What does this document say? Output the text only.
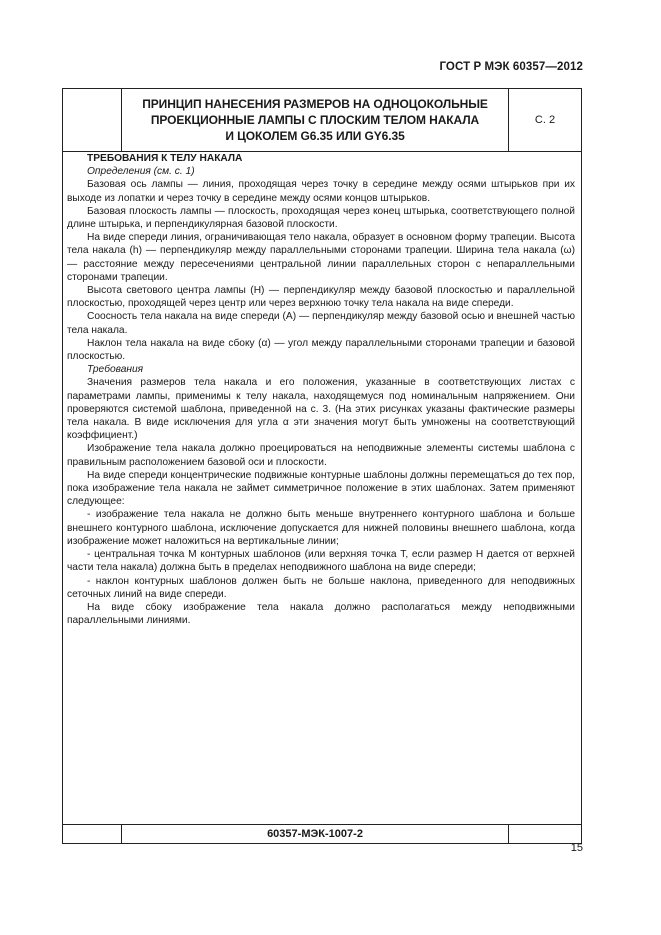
ГОСТ Р МЭК 60357—2012
ПРИНЦИП НАНЕСЕНИЯ РАЗМЕРОВ НА ОДНОЦОКОЛЬНЫЕ
ПРОЕКЦИОННЫЕ ЛАМПЫ С ПЛОСКИМ ТЕЛОМ НАКАЛА
И ЦОКОЛЕМ G6.35 ИЛИ GY6.35
С. 2

ТРЕБОВАНИЯ К ТЕЛУ НАКАЛА

Определения (см. с. 1)

Базовая ось лампы — линия, проходящая через точку в середине между осями штырьков при их выходе из лопатки и через точку в середине между осями концов штырьков.

Базовая плоскость лампы — плоскость, проходящая через конец штырька, соответствующего полной длине штырька, и перпендикулярная базовой плоскости.

На виде спереди линия, ограничивающая тело накала, образует в основном форму трапеции. Высота тела накала (h) — перпендикуляр между параллельными сторонами трапеции. Ширина тела накала (ω) — расстояние между пересечениями центральной линии параллельных сторон с непараллельными сторонами трапеции.

Высота светового центра лампы (H) — перпендикуляр между базовой плоскостью и параллельной плоскостью, проходящей через центр или через верхнюю точку тела накала на виде спереди.

Соосность тела накала на виде спереди (A) — перпендикуляр между базовой осью и внешней частью тела накала.

Наклон тела накала на виде сбоку (α) — угол между параллельными сторонами трапеции и базовой плоскостью.

Требования

Значения размеров тела накала и его положения, указанные в соответствующих листах с параметрами лампы, применимы к телу накала, находящемуся под номинальным напряжением. Они проверяются системой шаблона, приведенной на с. 3. (На этих рисунках указаны фактические размеры тела накала. В виде исключения для угла α эти значения могут быть умножены на соответствующий коэффициент.)

Изображение тела накала должно проецироваться на неподвижные элементы системы шаблона с правильным расположением базовой оси и плоскости.

На виде спереди концентрические подвижные контурные шаблоны должны перемещаться до тех пор, пока изображение тела накала не займет симметричное положение в этих шаблонах. Затем применяют следующее:

- изображение тела накала не должно быть меньше внутреннего контурного шаблона и больше внешнего контурного шаблона, исключение допускается для нижней половины внешнего шаблона, когда изображение может наложиться на вертикальные линии;

- центральная точка M контурных шаблонов (или верхняя точка T, если размер H дается от верхней части тела накала) должна быть в пределах неподвижного шаблона на виде спереди;

- наклон контурных шаблонов должен быть не больше наклона, приведенного для неподвижных сеточных линий на виде спереди.

На виде сбоку изображение тела накала должно располагаться между неподвижными параллельными линиями.

60357-МЭК-1007-2
15
